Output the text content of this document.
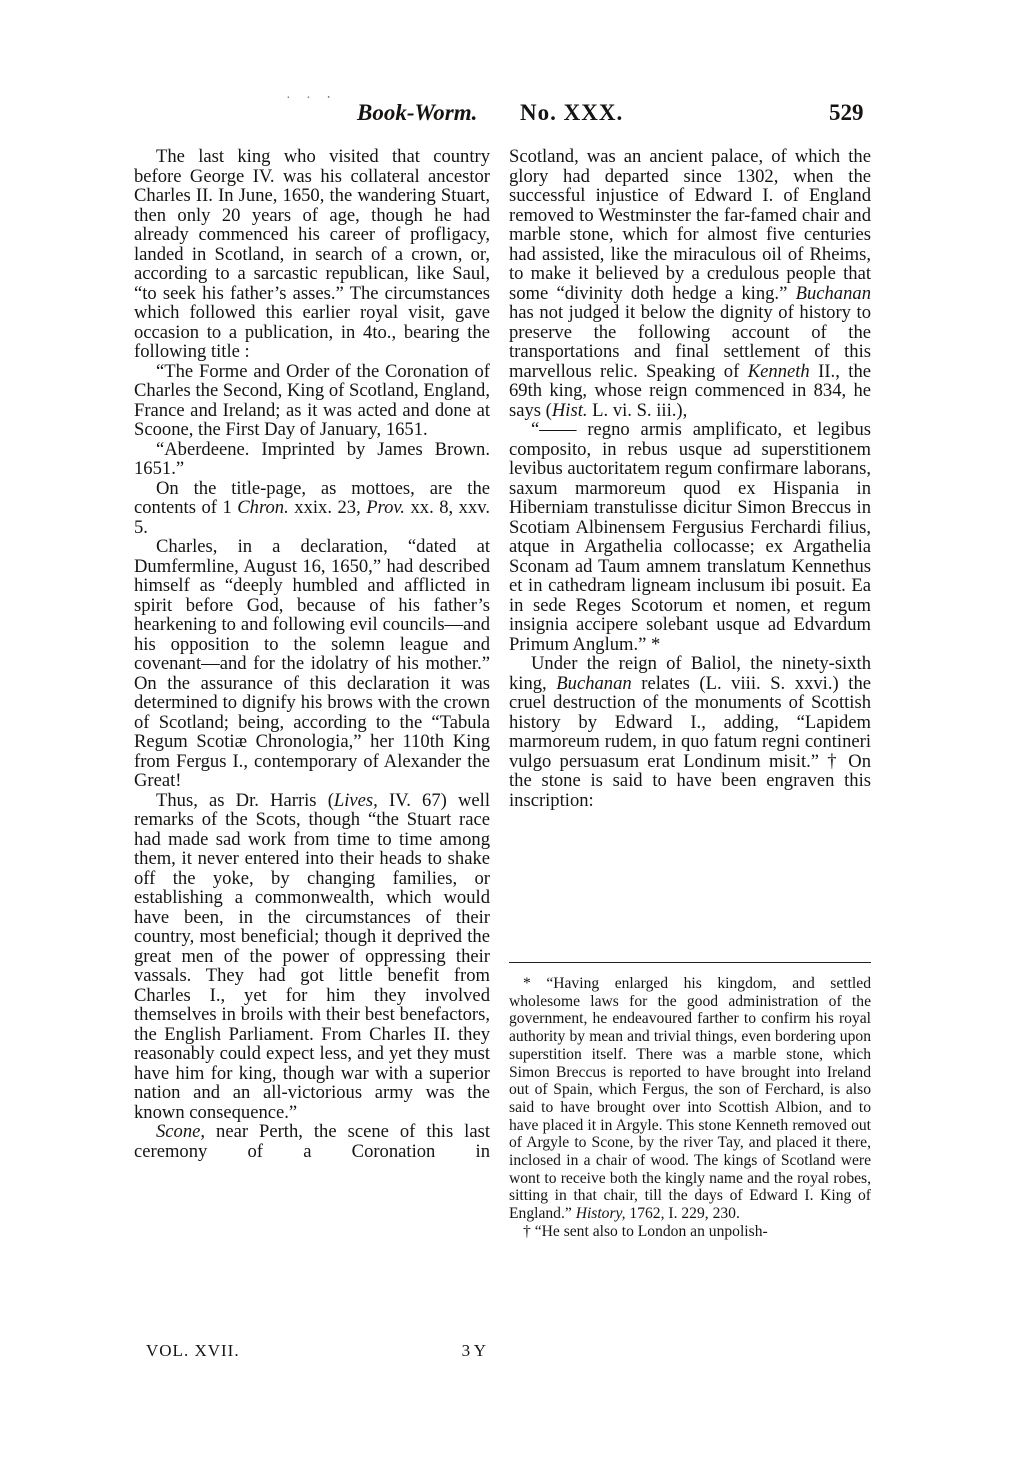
· · ‧
Book-Worm. No. XXX.	529

The last king who visited that country before George IV. was his collateral ancestor Charles II. In June, 1650, the wandering Stuart, then only 20 years of age, though he had already commenced his career of profligacy, landed in Scotland, in search of a crown, or, according to a sarcastic republican, like Saul, “to seek his father’s asses.” The circumstances which followed this earlier royal visit, gave occasion to a publication, in 4to., bearing the following title :

“The Forme and Order of the Coronation of Charles the Second, King of Scotland, England, France and Ireland; as it was acted and done at Scoone, the First Day of January, 1651.

“Aberdeene. Imprinted by James Brown. 1651.”

On the title-page, as mottoes, are the contents of 1 Chron. xxix. 23, Prov. xx. 8, xxv. 5.

Charles, in a declaration, “dated at Dumfermline, August 16, 1650,” had described himself as “deeply humbled and afflicted in spirit before God, because of his father’s hearkening to and following evil councils—and his opposition to the solemn league and covenant—and for the idolatry of his mother.” On the assurance of this declaration it was determined to dignify his brows with the crown of Scotland; being, according to the “Tabula Regum Scotiæ Chronologia,” her 110th King from Fergus I., contemporary of Alexander the Great!

Thus, as Dr. Harris (Lives, IV. 67) well remarks of the Scots, though “the Stuart race had made sad work from time to time among them, it never entered into their heads to shake off the yoke, by changing families, or establishing a commonwealth, which would have been, in the circumstances of their country, most beneficial; though it deprived the great men of the power of oppressing their vassals. They had got little benefit from Charles I., yet for him they involved themselves in broils with their best benefactors, the English Parliament. From Charles II. they reasonably could expect less, and yet they must have him for king, though war with a superior nation and an all-victorious army was the known consequence.”

Scone, near Perth, the scene of this last ceremony of a Coronation in

VOL. XVII.	3 Y

Scotland, was an ancient palace, of which the glory had departed since 1302, when the successful injustice of Edward I. of England removed to Westminster the far-famed chair and marble stone, which for almost five centuries had assisted, like the miraculous oil of Rheims, to make it believed by a credulous people that some “divinity doth hedge a king.” Buchanan has not judged it below the dignity of history to preserve the following account of the transportations and final settlement of this marvellous relic. Speaking of Kenneth II., the 69th king, whose reign commenced in 834, he says (Hist. L. vi. S. iii.),

“—— regno armis amplificato, et legibus composito, in rebus usque ad superstitionem levibus auctoritatem regum confirmare laborans, saxum marmoreum quod ex Hispania in Hiberniam transtulisse dicitur Simon Breccus in Scotiam Albinensem Fergusius Ferchardi filius, atque in Argathelia collocasse; ex Argathelia Sconam ad Taum amnem translatum Kennethus et in cathedram ligneam inclusum ibi posuit. Ea in sede Reges Scotorum et nomen, et regum insignia accipere solebant usque ad Edvardum Primum Anglum.” *

Under the reign of Baliol, the ninety-sixth king, Buchanan relates (L. viii. S. xxvi.) the cruel destruction of the monuments of Scottish history by Edward I., adding, “Lapidem marmoreum rudem, in quo fatum regni contineri vulgo persuasum erat Londinum misit.” † On the stone is said to have been engraven this inscription:

* “Having enlarged his kingdom, and settled wholesome laws for the good administration of the government, he endeavoured farther to confirm his royal authority by mean and trivial things, even bordering upon superstition itself. There was a marble stone, which Simon Breccus is reported to have brought into Ireland out of Spain, which Fergus, the son of Ferchard, is also said to have brought over into Scottish Albion, and to have placed it in Argyle. This stone Kenneth removed out of Argyle to Scone, by the river Tay, and placed it there, inclosed in a chair of wood. The kings of Scotland were wont to receive both the kingly name and the royal robes, sitting in that chair, till the days of Edward I. King of England.” History, 1762, I. 229, 230.

† “He sent also to London an unpolish-
